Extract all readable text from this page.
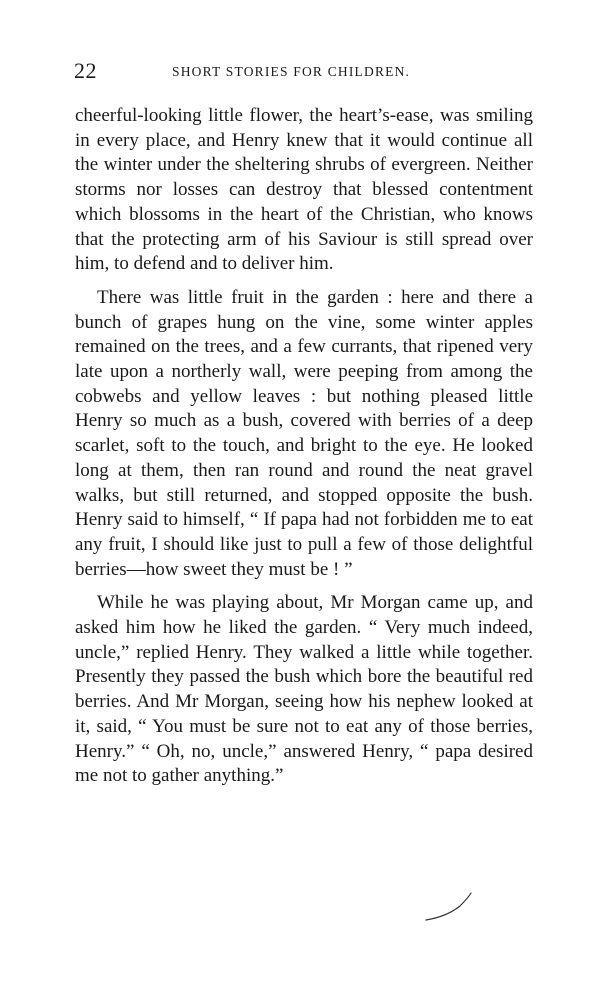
22	SHORT STORIES FOR CHILDREN.

cheerful-looking little flower, the heart’s-ease, was smiling in every place, and Henry knew that it would continue all the winter under the sheltering shrubs of evergreen. Neither storms nor losses can destroy that blessed contentment which blossoms in the heart of the Christian, who knows that the protecting arm of his Saviour is still spread over him, to defend and to deliver him.

There was little fruit in the garden : here and there a bunch of grapes hung on the vine, some winter apples remained on the trees, and a few currants, that ripened very late upon a northerly wall, were peeping from among the cobwebs and yellow leaves : but nothing pleased little Henry so much as a bush, covered with berries of a deep scarlet, soft to the touch, and bright to the eye. He looked long at them, then ran round and round the neat gravel walks, but still returned, and stopped opposite the bush. Henry said to himself, “ If papa had not forbidden me to eat any fruit, I should like just to pull a few of those delightful berries—how sweet they must be ! ”

While he was playing about, Mr Morgan came up, and asked him how he liked the garden. “ Very much indeed, uncle,” replied Henry. They walked a little while together. Presently they passed the bush which bore the beautiful red berries. And Mr Morgan, seeing how his nephew looked at it, said, “ You must be sure not to eat any of those berries, Henry.” “ Oh, no, uncle,” answered Henry, “ papa desired me not to gather anything.”
